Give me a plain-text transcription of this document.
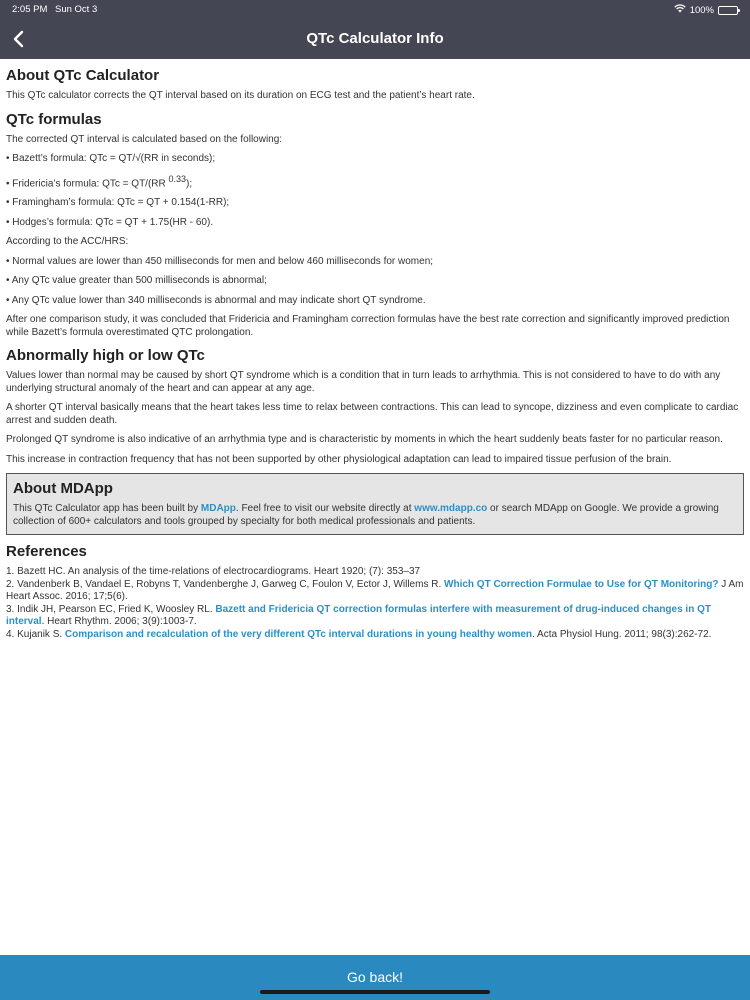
2:05 PM Sun Oct 3	100%
QTc Calculator Info
About QTc Calculator

This QTc calculator corrects the QT interval based on its duration on ECG test and the patient’s heart rate.

QTc formulas

The corrected QT interval is calculated based on the following:

• Bazett’s formula: QTc = QT/√(RR in seconds);

• Fridericia’s formula: QTc = QT/(RR $^{0.33}$);

• Framingham’s formula: QTc = QT + 0.154(1-RR);

• Hodges’s formula: QTc = QT + 1.75(HR - 60).

According to the ACC/HRS:

• Normal values are lower than 450 milliseconds for men and below 460 milliseconds for women;

• Any QTc value greater than 500 milliseconds is abnormal;

• Any QTc value lower than 340 milliseconds is abnormal and may indicate short QT syndrome.

After one comparison study, it was concluded that Fridericia and Framingham correction formulas have the best rate correction and significantly improved prediction while Bazett’s formula overestimated QTC prolongation.

Abnormally high or low QTc

Values lower than normal may be caused by short QT syndrome which is a condition that in turn leads to arrhythmia. This is not considered to have to do with any underlying structural anomaly of the heart and can appear at any age.

A shorter QT interval basically means that the heart takes less time to relax between contractions. This can lead to syncope, dizziness and even complicate to cardiac arrest and sudden death.

Prolonged QT syndrome is also indicative of an arrhythmia type and is characteristic by moments in which the heart suddenly beats faster for no particular reason.

This increase in contraction frequency that has not been supported by other physiological adaptation can lead to impaired tissue perfusion of the brain.

About MDApp

This QTc Calculator app has been built by MDApp. Feel free to visit our website directly at www.mdapp.co or search MDApp on Google. We provide a growing collection of 600+ calculators and tools grouped by specialty for both medical professionals and patients.

References

1. Bazett HC. An analysis of the time-relations of electrocardiograms. Heart 1920; (7): 353–37

2. Vandenberk B, Vandael E, Robyns T, Vandenberghe J, Garweg C, Foulon V, Ector J, Willems R. Which QT Correction Formulae to Use for QT Monitoring? J Am Heart Assoc. 2016; 17;5(6).

3. Indik JH, Pearson EC, Fried K, Woosley RL. Bazett and Fridericia QT correction formulas interfere with measurement of drug-induced changes in QT interval. Heart Rhythm. 2006; 3(9):1003-7.

4. Kujanik S. Comparison and recalculation of the very different QTc interval durations in young healthy women. Acta Physiol Hung. 2011; 98(3):262-72.

Go back!
